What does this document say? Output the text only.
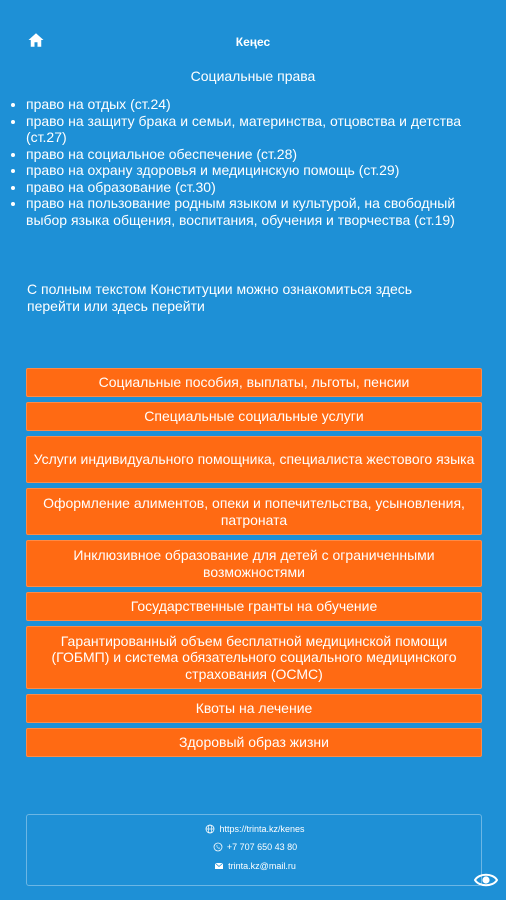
Кеңес
Социальные права
• право на отдых (ст.24)
• право на защиту брака и семьи, материнства, отцовства и детства (ст.27)
• право на социальное обеспечение (ст.28)
• право на охрану здоровья и медицинскую помощь (ст.29)
• право на образование (ст.30)
• право на пользование родным языком и культурой, на свободный выбор языка общения, воспитания, обучения и творчества (ст.19)
С полным текстом Конституции можно ознакомиться здесь
перейти или здесь перейти
Социальные пособия, выплаты, льготы, пенсии
Специальные социальные услуги
Услуги индивидуального помощника, специалиста жестового языка
Оформление алиментов, опеки и попечительства, усыновления, патроната
Инклюзивное образование для детей с ограниченными возможностями
Государственные гранты на обучение
Гарантированный объем бесплатной медицинской помощи (ГОБМП) и система обязательного социального медицинского страхования (ОСМС)
Квоты на лечение
Здоровый образ жизни
https://trinta.kz/kenes
+7 707 650 43 80
trinta.kz@mail.ru
